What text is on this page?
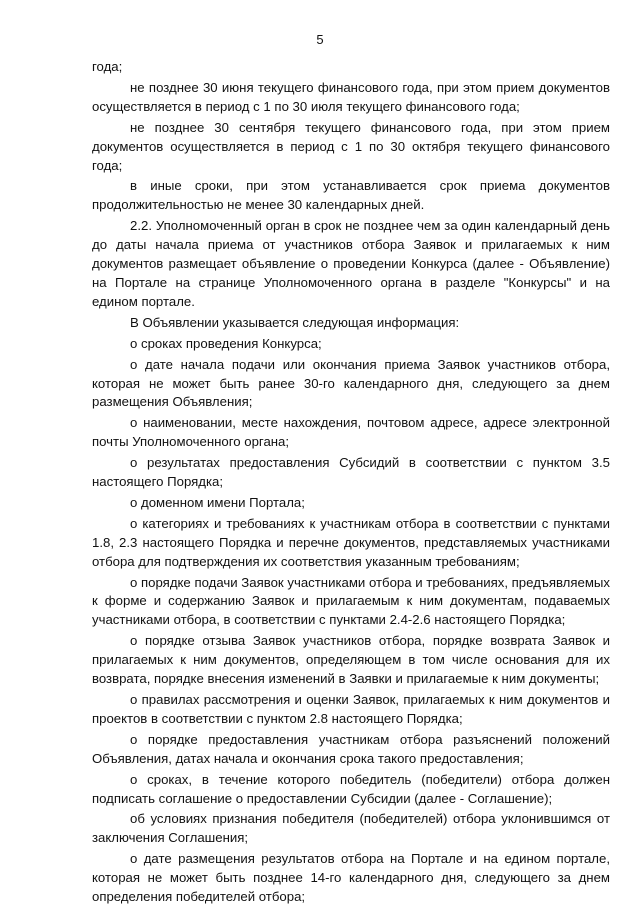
5

года;

не позднее 30 июня текущего финансового года, при этом прием документов осуществляется в период с 1 по 30 июля текущего финансового года;

не позднее 30 сентября текущего финансового года, при этом прием документов осуществляется в период с 1 по 30 октября текущего финансового года;

в иные сроки, при этом устанавливается срок приема документов продолжительностью не менее 30 календарных дней.

2.2. Уполномоченный орган в срок не позднее чем за один календарный день до даты начала приема от участников отбора Заявок и прилагаемых к ним документов размещает объявление о проведении Конкурса (далее - Объявление) на Портале на странице Уполномоченного органа в разделе "Конкурсы" и на едином портале.

В Объявлении указывается следующая информация:

о сроках проведения Конкурса;

о дате начала подачи или окончания приема Заявок участников отбора, которая не может быть ранее 30-го календарного дня, следующего за днем размещения Объявления;

о наименовании, месте нахождения, почтовом адресе, адресе электронной почты Уполномоченного органа;

о результатах предоставления Субсидий в соответствии с пунктом 3.5 настоящего Порядка;

о доменном имени Портала;

о категориях и требованиях к участникам отбора в соответствии с пунктами 1.8, 2.3 настоящего Порядка и перечне документов, представляемых участниками отбора для подтверждения их соответствия указанным требованиям;

о порядке подачи Заявок участниками отбора и требованиях, предъявляемых к форме и содержанию Заявок и прилагаемым к ним документам, подаваемых участниками отбора, в соответствии с пунктами 2.4-2.6 настоящего Порядка;

о порядке отзыва Заявок участников отбора, порядке возврата Заявок и прилагаемых к ним документов, определяющем в том числе основания для их возврата, порядке внесения изменений в Заявки и прилагаемые к ним документы;

о правилах рассмотрения и оценки Заявок, прилагаемых к ним документов и проектов в соответствии с пунктом 2.8 настоящего Порядка;

о порядке предоставления участникам отбора разъяснений положений Объявления, датах начала и окончания срока такого предоставления;

о сроках, в течение которого победитель (победители) отбора должен подписать соглашение о предоставлении Субсидии (далее - Соглашение);

об условиях признания победителя (победителей) отбора уклонившимся от заключения Соглашения;

о дате размещения результатов отбора на Портале и на едином портале, которая не может быть позднее 14-го календарного дня, следующего за днем определения победителей отбора;
